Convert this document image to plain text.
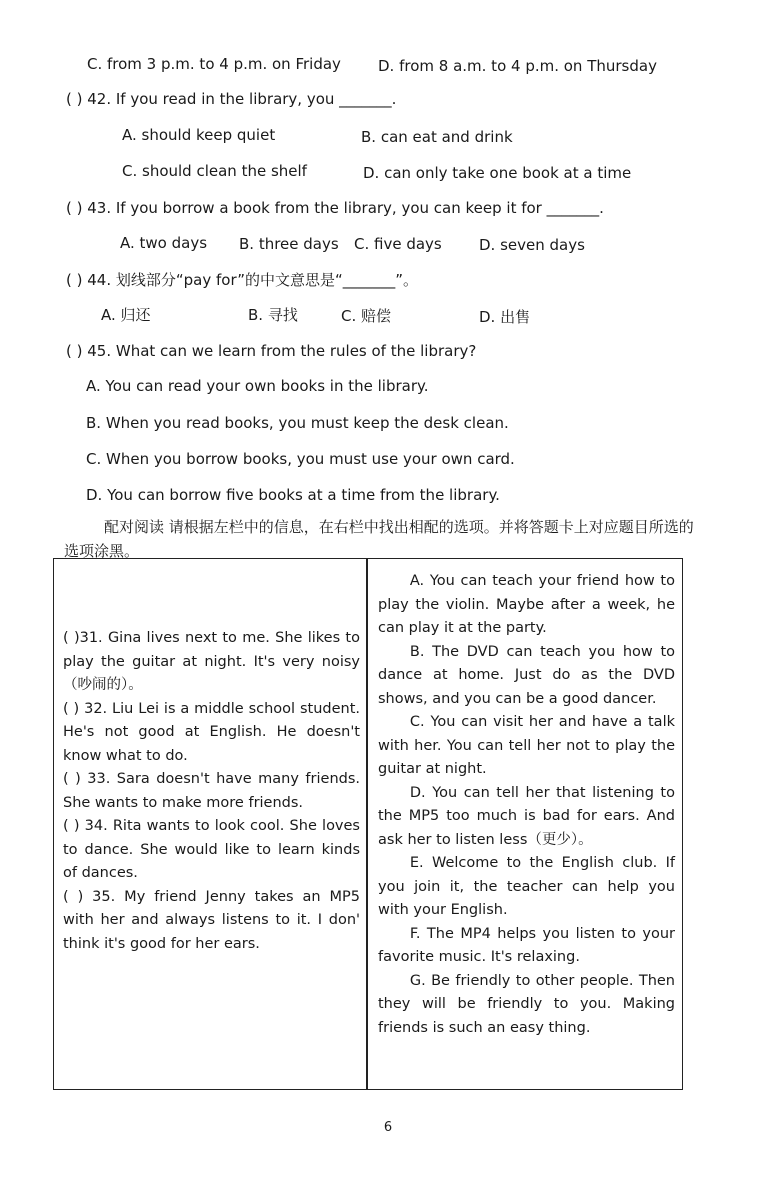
C. from 3 p.m. to 4 p.m. on Friday D. from 8 a.m. to 4 p.m. on Thursday
( ) 42. If you read in the library, you _______.
A. should keep quiet	B. can eat and drink
C. should clean the shelf	D. can only take one book at a time
( ) 43. If you borrow a book from the library, you can keep it for _______.
A. two days B. three days C. five days D. seven days
( ) 44. 划线部分“pay for”的中文意思是“_______”。
A. 归还	B. 寻找	C. 赔偿	D. 出售
( ) 45. What can we learn from the rules of the library?
A. You can read your own books in the library.
B. When you read books, you must keep the desk clean.
C. When you borrow books, you must use your own card.
D. You can borrow five books at a time from the library.
配对阅读 请根据左栏中的信息，在右栏中找出相配的选项。并将答题卡上对应题目所选的选项涂黑。

( )31. Gina lives next to me. She likes to play the guitar at night. It's very noisy（吵闹的）。

( ) 32. Liu Lei is a middle school student. He's not good at English. He doesn't know what to do.

( ) 33. Sara doesn't have many friends. She wants to make more friends.

( ) 34. Rita wants to look cool. She loves to dance. She would like to learn kinds of dances.

( ) 35. My friend Jenny takes an MP5 with her and always listens to it. I don' think it's good for her ears.

A. You can teach your friend how to play the violin. Maybe after a week, he can play it at the party.

B. The DVD can teach you how to dance at home. Just do as the DVD shows, and you can be a good dancer.

C. You can visit her and have a talk with her. You can tell her not to play the guitar at night.

D. You can tell her that listening to the MP5 too much is bad for ears. And ask her to listen less（更少）。

E. Welcome to the English club. If you join it, the teacher can help you with your English.

F. The MP4 helps you listen to your favorite music. It's relaxing.

G. Be friendly to other people. Then they will be friendly to you. Making friends is such an easy thing.

6
